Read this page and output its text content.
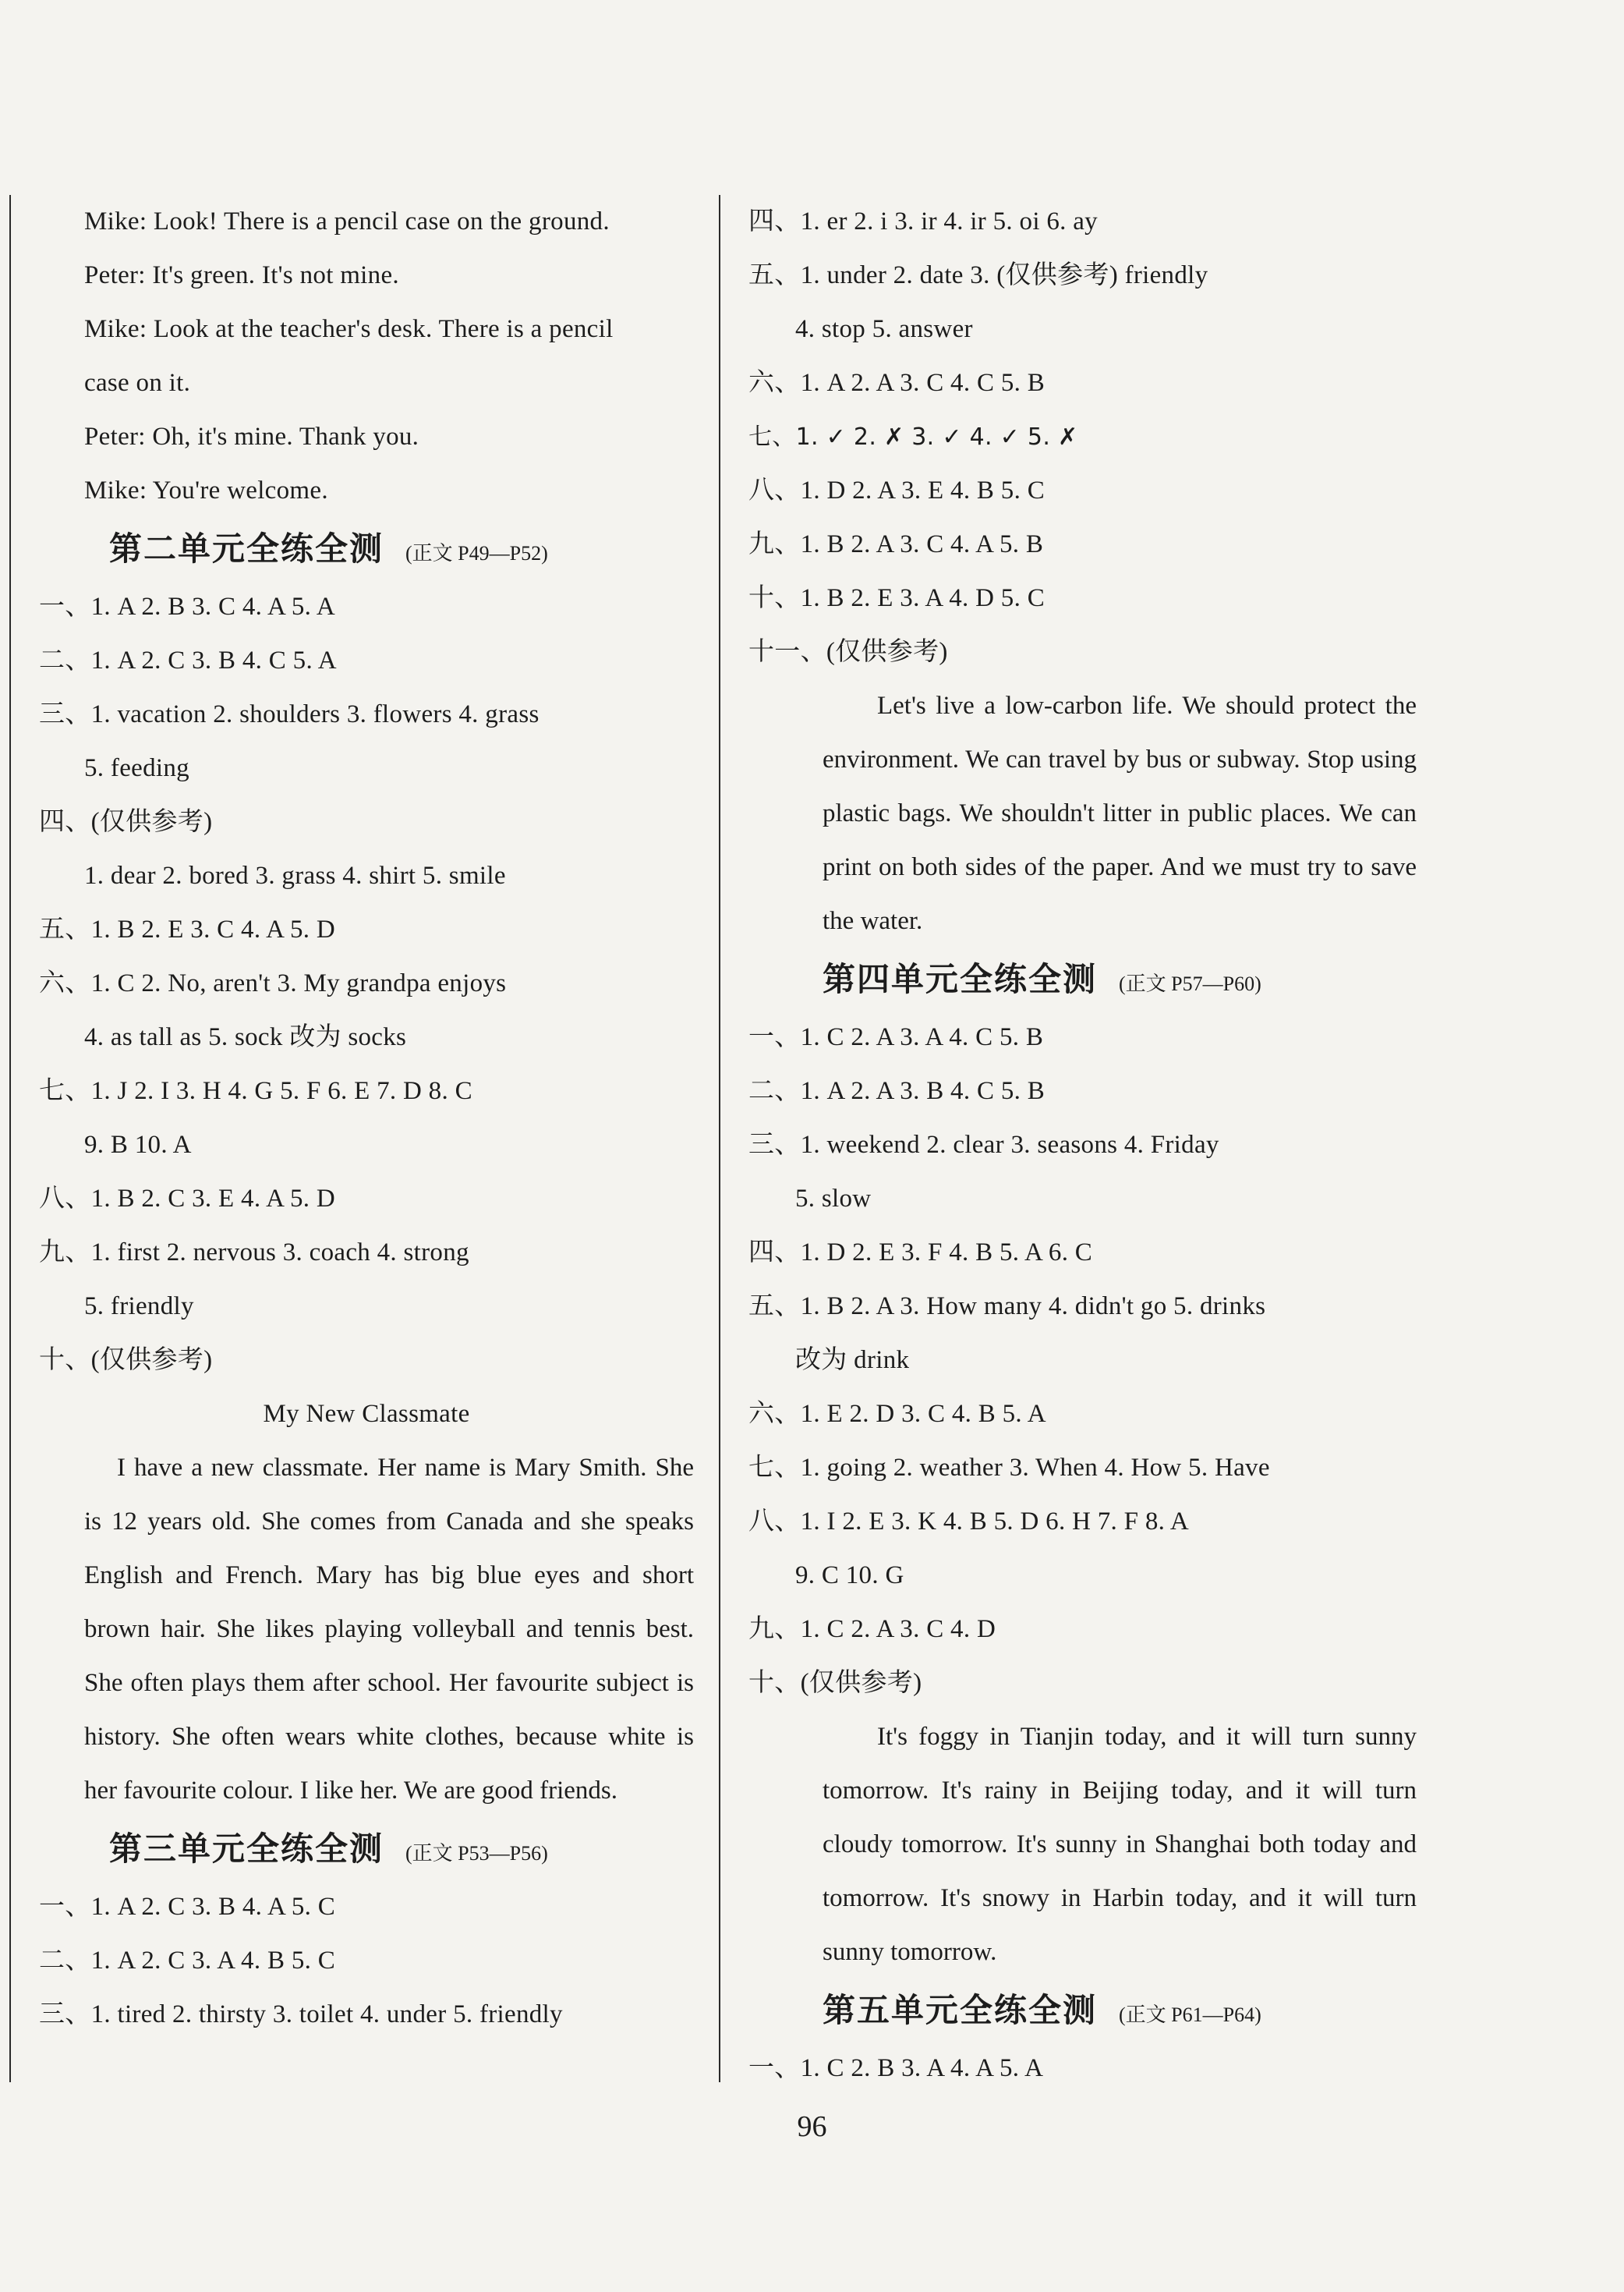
Mike: Look! There is a pencil case on the ground.
Peter: It's green. It's not mine.
Mike: Look at the teacher's desk. There is a pencil
case on it.
Peter: Oh, it's mine. Thank you.
Mike: You're welcome.
第二单元全练全测 (正文 P49—P52)
一、1. A 2. B 3. C 4. A 5. A
二、1. A 2. C 3. B 4. C 5. A
三、1. vacation 2. shoulders 3. flowers 4. grass
5. feeding
四、(仅供参考)
1. dear 2. bored 3. grass 4. shirt 5. smile
五、1. B 2. E 3. C 4. A 5. D
六、1. C 2. No, aren't 3. My grandpa enjoys
4. as tall as 5. sock 改为 socks
七、1. J 2. I 3. H 4. G 5. F 6. E 7. D 8. C
9. B 10. A
八、1. B 2. C 3. E 4. A 5. D
九、1. first 2. nervous 3. coach 4. strong
5. friendly
十、(仅供参考)
My New Classmate
I have a new classmate. Her name is Mary Smith. She is 12 years old. She comes from Canada and she speaks English and French. Mary has big blue eyes and short brown hair. She likes playing volleyball and tennis best. She often plays them after school. Her favourite subject is history. She often wears white clothes, because white is her favourite colour. I like her. We are good friends.
第三单元全练全测 (正文 P53—P56)
一、1. A 2. C 3. B 4. A 5. C
二、1. A 2. C 3. A 4. B 5. C
三、1. tired 2. thirsty 3. toilet 4. under 5. friendly
四、1. er 2. i 3. ir 4. ir 5. oi 6. ay
五、1. under 2. date 3. (仅供参考) friendly
4. stop 5. answer
六、1. A 2. A 3. C 4. C 5. B
七、1. ✓ 2. ✗ 3. ✓ 4. ✓ 5. ✗
八、1. D 2. A 3. E 4. B 5. C
九、1. B 2. A 3. C 4. A 5. B
十、1. B 2. E 3. A 4. D 5. C
十一、(仅供参考)
Let's live a low-carbon life. We should protect the environment. We can travel by bus or subway. Stop using plastic bags. We shouldn't litter in public places. We can print on both sides of the paper. And we must try to save the water.
第四单元全练全测 (正文 P57—P60)
一、1. C 2. A 3. A 4. C 5. B
二、1. A 2. A 3. B 4. C 5. B
三、1. weekend 2. clear 3. seasons 4. Friday
5. slow
四、1. D 2. E 3. F 4. B 5. A 6. C
五、1. B 2. A 3. How many 4. didn't go 5. drinks
改为 drink
六、1. E 2. D 3. C 4. B 5. A
七、1. going 2. weather 3. When 4. How 5. Have
八、1. I 2. E 3. K 4. B 5. D 6. H 7. F 8. A
9. C 10. G
九、1. C 2. A 3. C 4. D
十、(仅供参考)
It's foggy in Tianjin today, and it will turn sunny tomorrow. It's rainy in Beijing today, and it will turn cloudy tomorrow. It's sunny in Shanghai both today and tomorrow. It's snowy in Harbin today, and it will turn sunny tomorrow.
第五单元全练全测 (正文 P61—P64)
一、1. C 2. B 3. A 4. A 5. A
96
